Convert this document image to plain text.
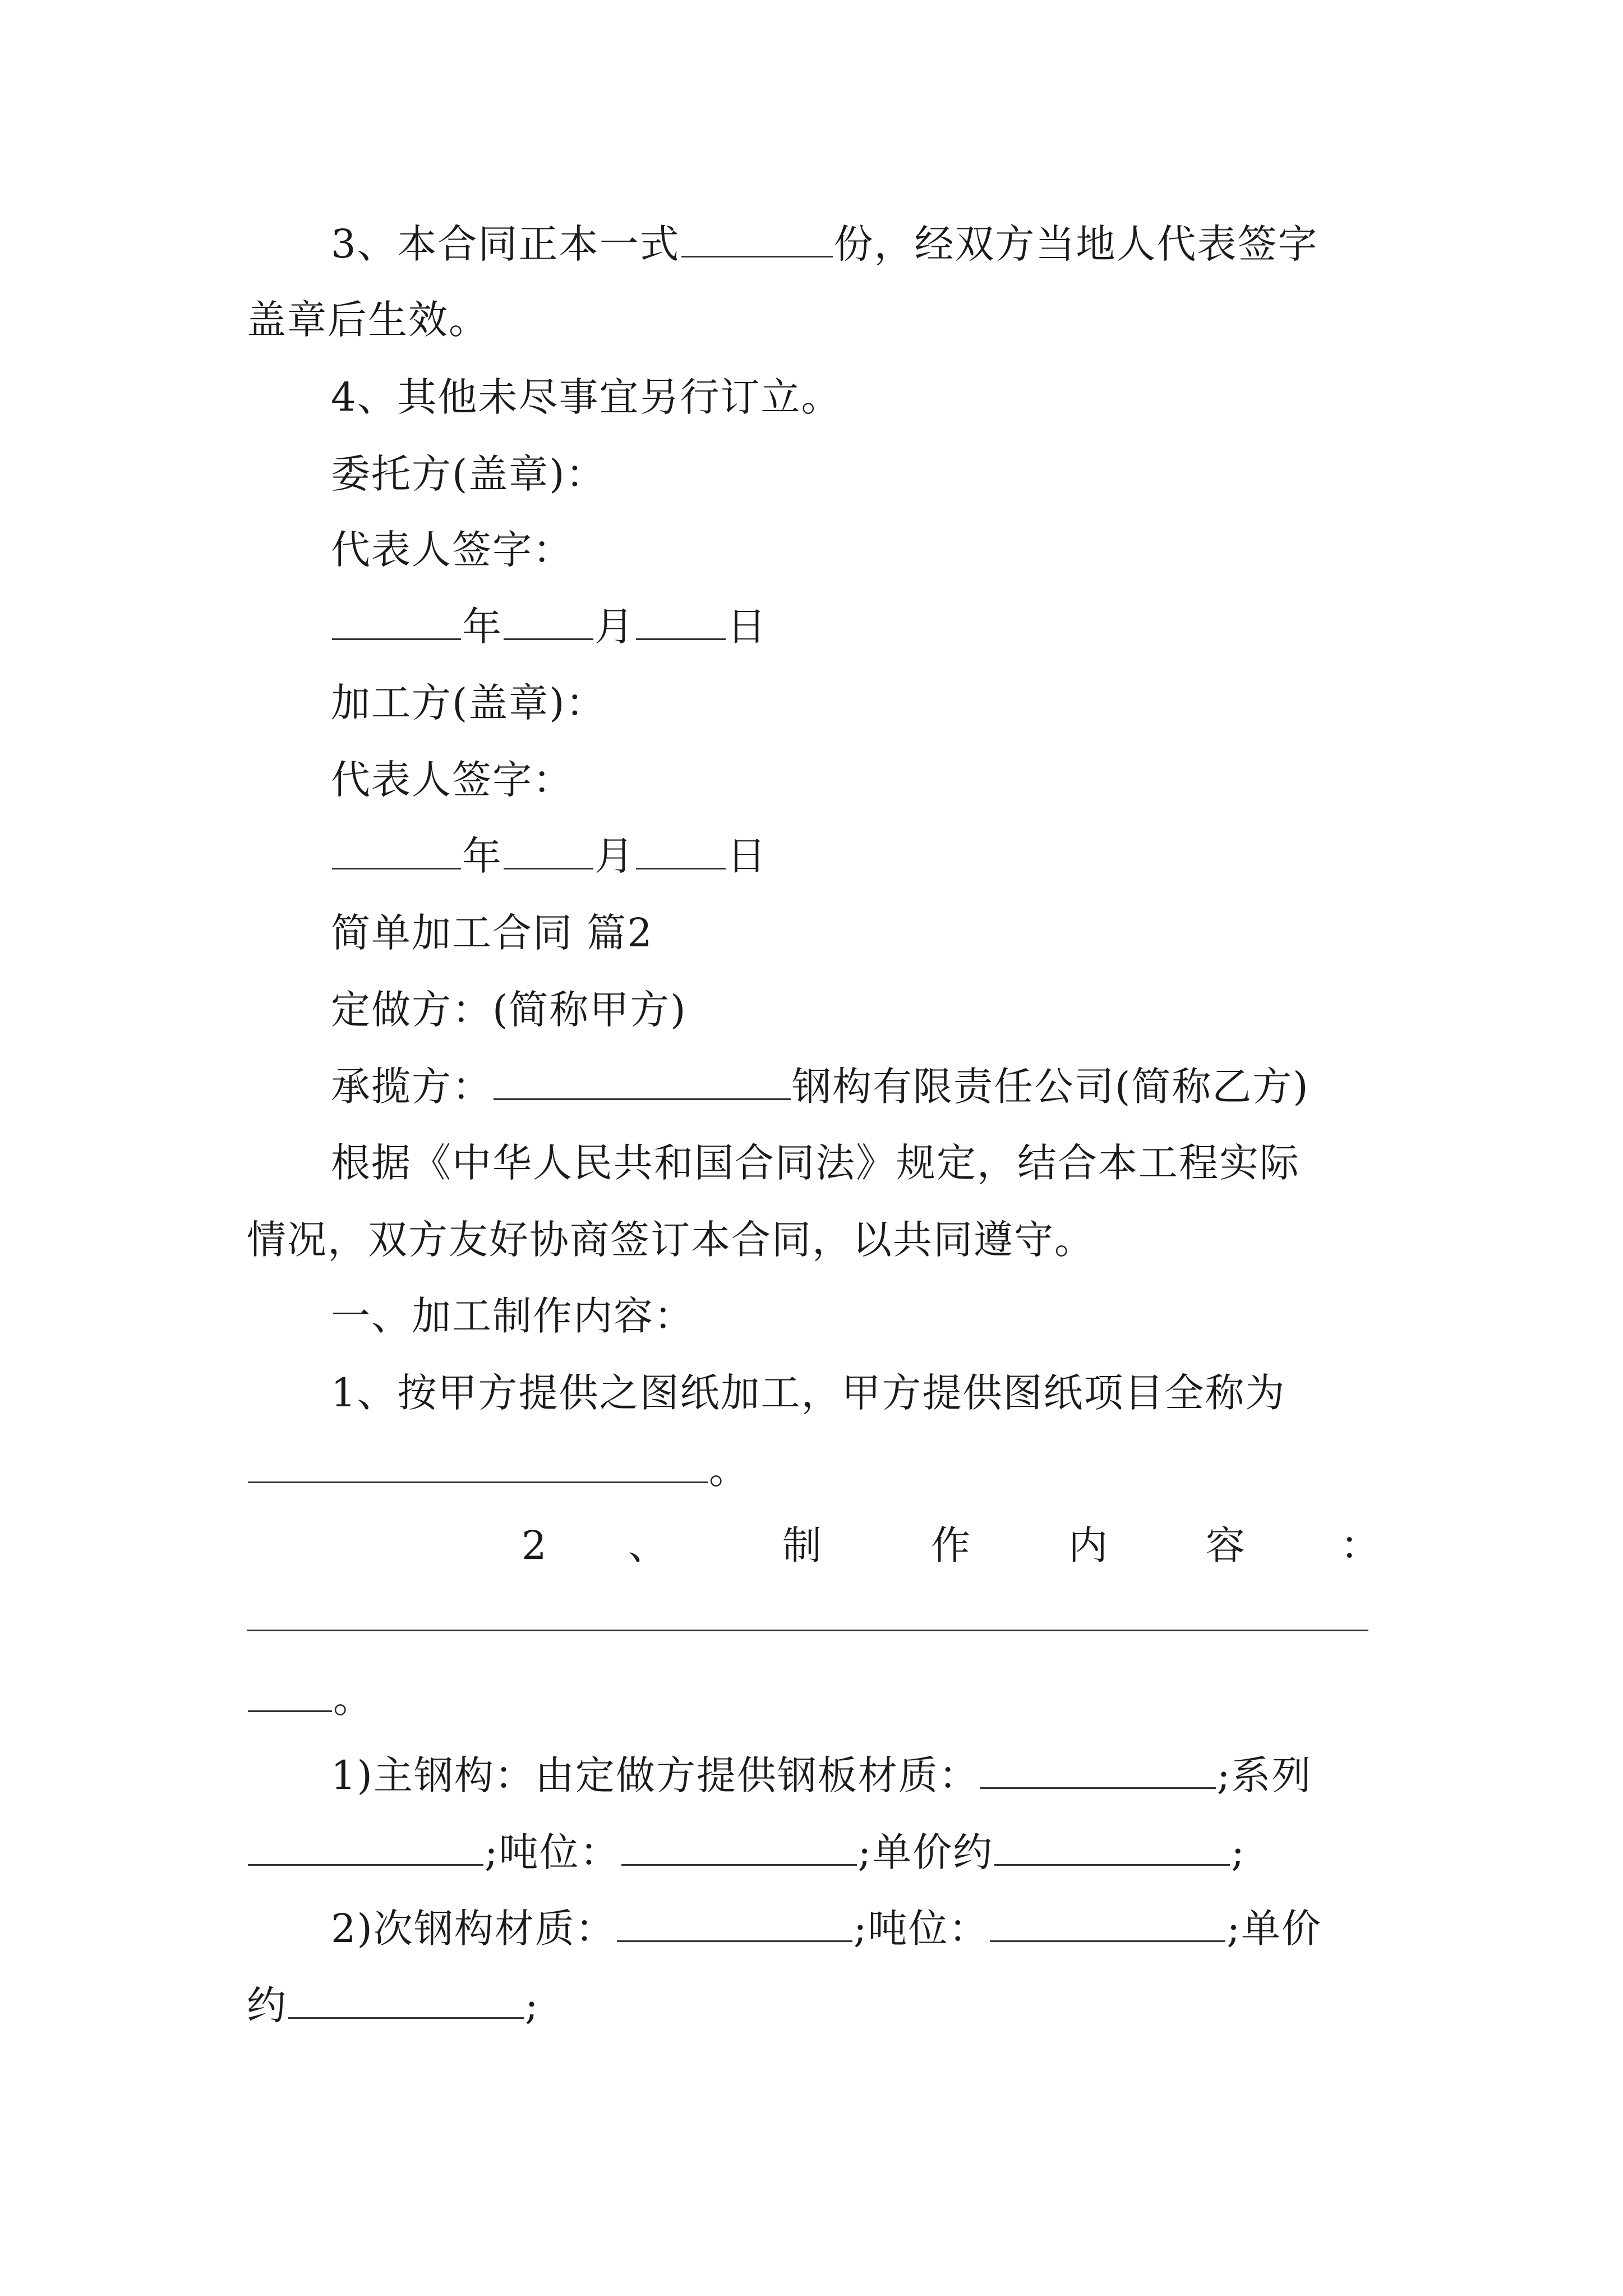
3、本合同正本一式	份，经双方当地人代表签字
盖章后生效。
4、其他未尽事宜另行订立。
委托方(盖章)：
代表人签字：
年 月 日
加工方(盖章)：
代表人签字：
年 月 日
简单加工合同 篇2
定做方：(简称甲方)
承揽方：	钢构有限责任公司(简称乙方)
根据《中华人民共和国合同法》规定，结合本工程实际
情况，双方友好协商签订本合同，以共同遵守。
一、加工制作内容：
1、按甲方提供之图纸加工，甲方提供图纸项目全称为
。
2 、	制	作	内	容 ：
。
1)主钢构：由定做方提供钢板材质：	;系列
;吨位：	;单价约	;
2)次钢构材质：	;吨位：	;单价
约	;
